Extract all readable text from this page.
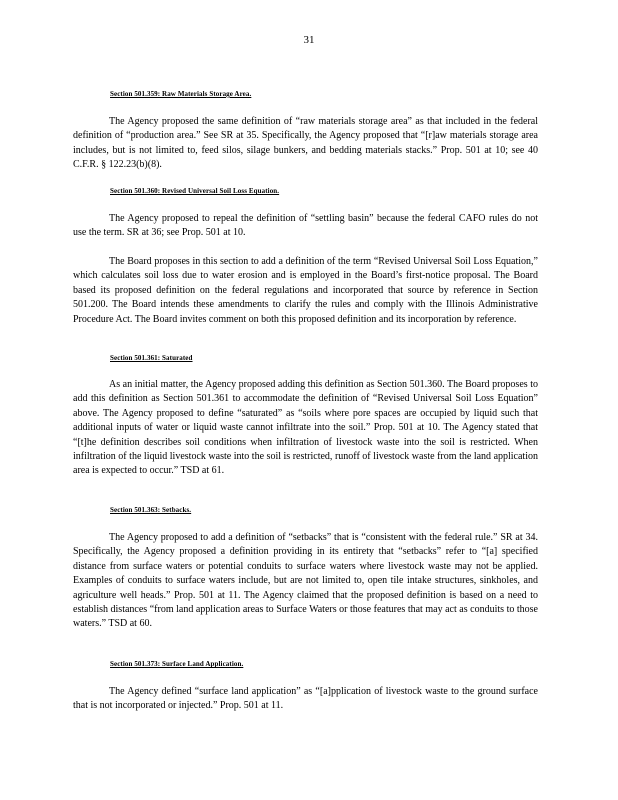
31
Section 501.359: Raw Materials Storage Area.

The Agency proposed the same definition of “raw materials storage area” as that included in the federal definition of “production area.” See SR at 35. Specifically, the Agency proposed that “[r]aw materials storage area includes, but is not limited to, feed silos, silage bunkers, and bedding materials stacks.” Prop. 501 at 10; see 40 C.F.R. § 122.23(b)(8).

Section 501.360: Revised Universal Soil Loss Equation.

The Agency proposed to repeal the definition of “settling basin” because the federal CAFO rules do not use the term. SR at 36; see Prop. 501 at 10.

The Board proposes in this section to add a definition of the term “Revised Universal Soil Loss Equation,” which calculates soil loss due to water erosion and is employed in the Board’s first-notice proposal. The Board based its proposed definition on the federal regulations and incorporated that source by reference in Section 501.200. The Board intends these amendments to clarify the rules and comply with the Illinois Administrative Procedure Act. The Board invites comment on both this proposed definition and its incorporation by reference.

Section 501.361: Saturated

As an initial matter, the Agency proposed adding this definition as Section 501.360. The Board proposes to add this definition as Section 501.361 to accommodate the definition of “Revised Universal Soil Loss Equation” above. The Agency proposed to define “saturated” as “soils where pore spaces are occupied by liquid such that additional inputs of water or liquid waste cannot infiltrate into the soil.” Prop. 501 at 10. The Agency stated that “[t]he definition describes soil conditions when infiltration of livestock waste into the soil is restricted. When infiltration of the liquid livestock waste into the soil is restricted, runoff of livestock waste from the land application area is expected to occur.” TSD at 61.

Section 501.363: Setbacks.

The Agency proposed to add a definition of “setbacks” that is “consistent with the federal rule.” SR at 34. Specifically, the Agency proposed a definition providing in its entirety that “setbacks” refer to “[a] specified distance from surface waters or potential conduits to surface waters where livestock waste may not be applied. Examples of conduits to surface waters include, but are not limited to, open tile intake structures, sinkholes, and agriculture well heads.” Prop. 501 at 11. The Agency claimed that the proposed definition is based on a need to establish distances “from land application areas to Surface Waters or those features that may act as conduits to those waters.” TSD at 60.

Section 501.373: Surface Land Application.

The Agency defined “surface land application” as “[a]pplication of livestock waste to the ground surface that is not incorporated or injected.” Prop. 501 at 11.
